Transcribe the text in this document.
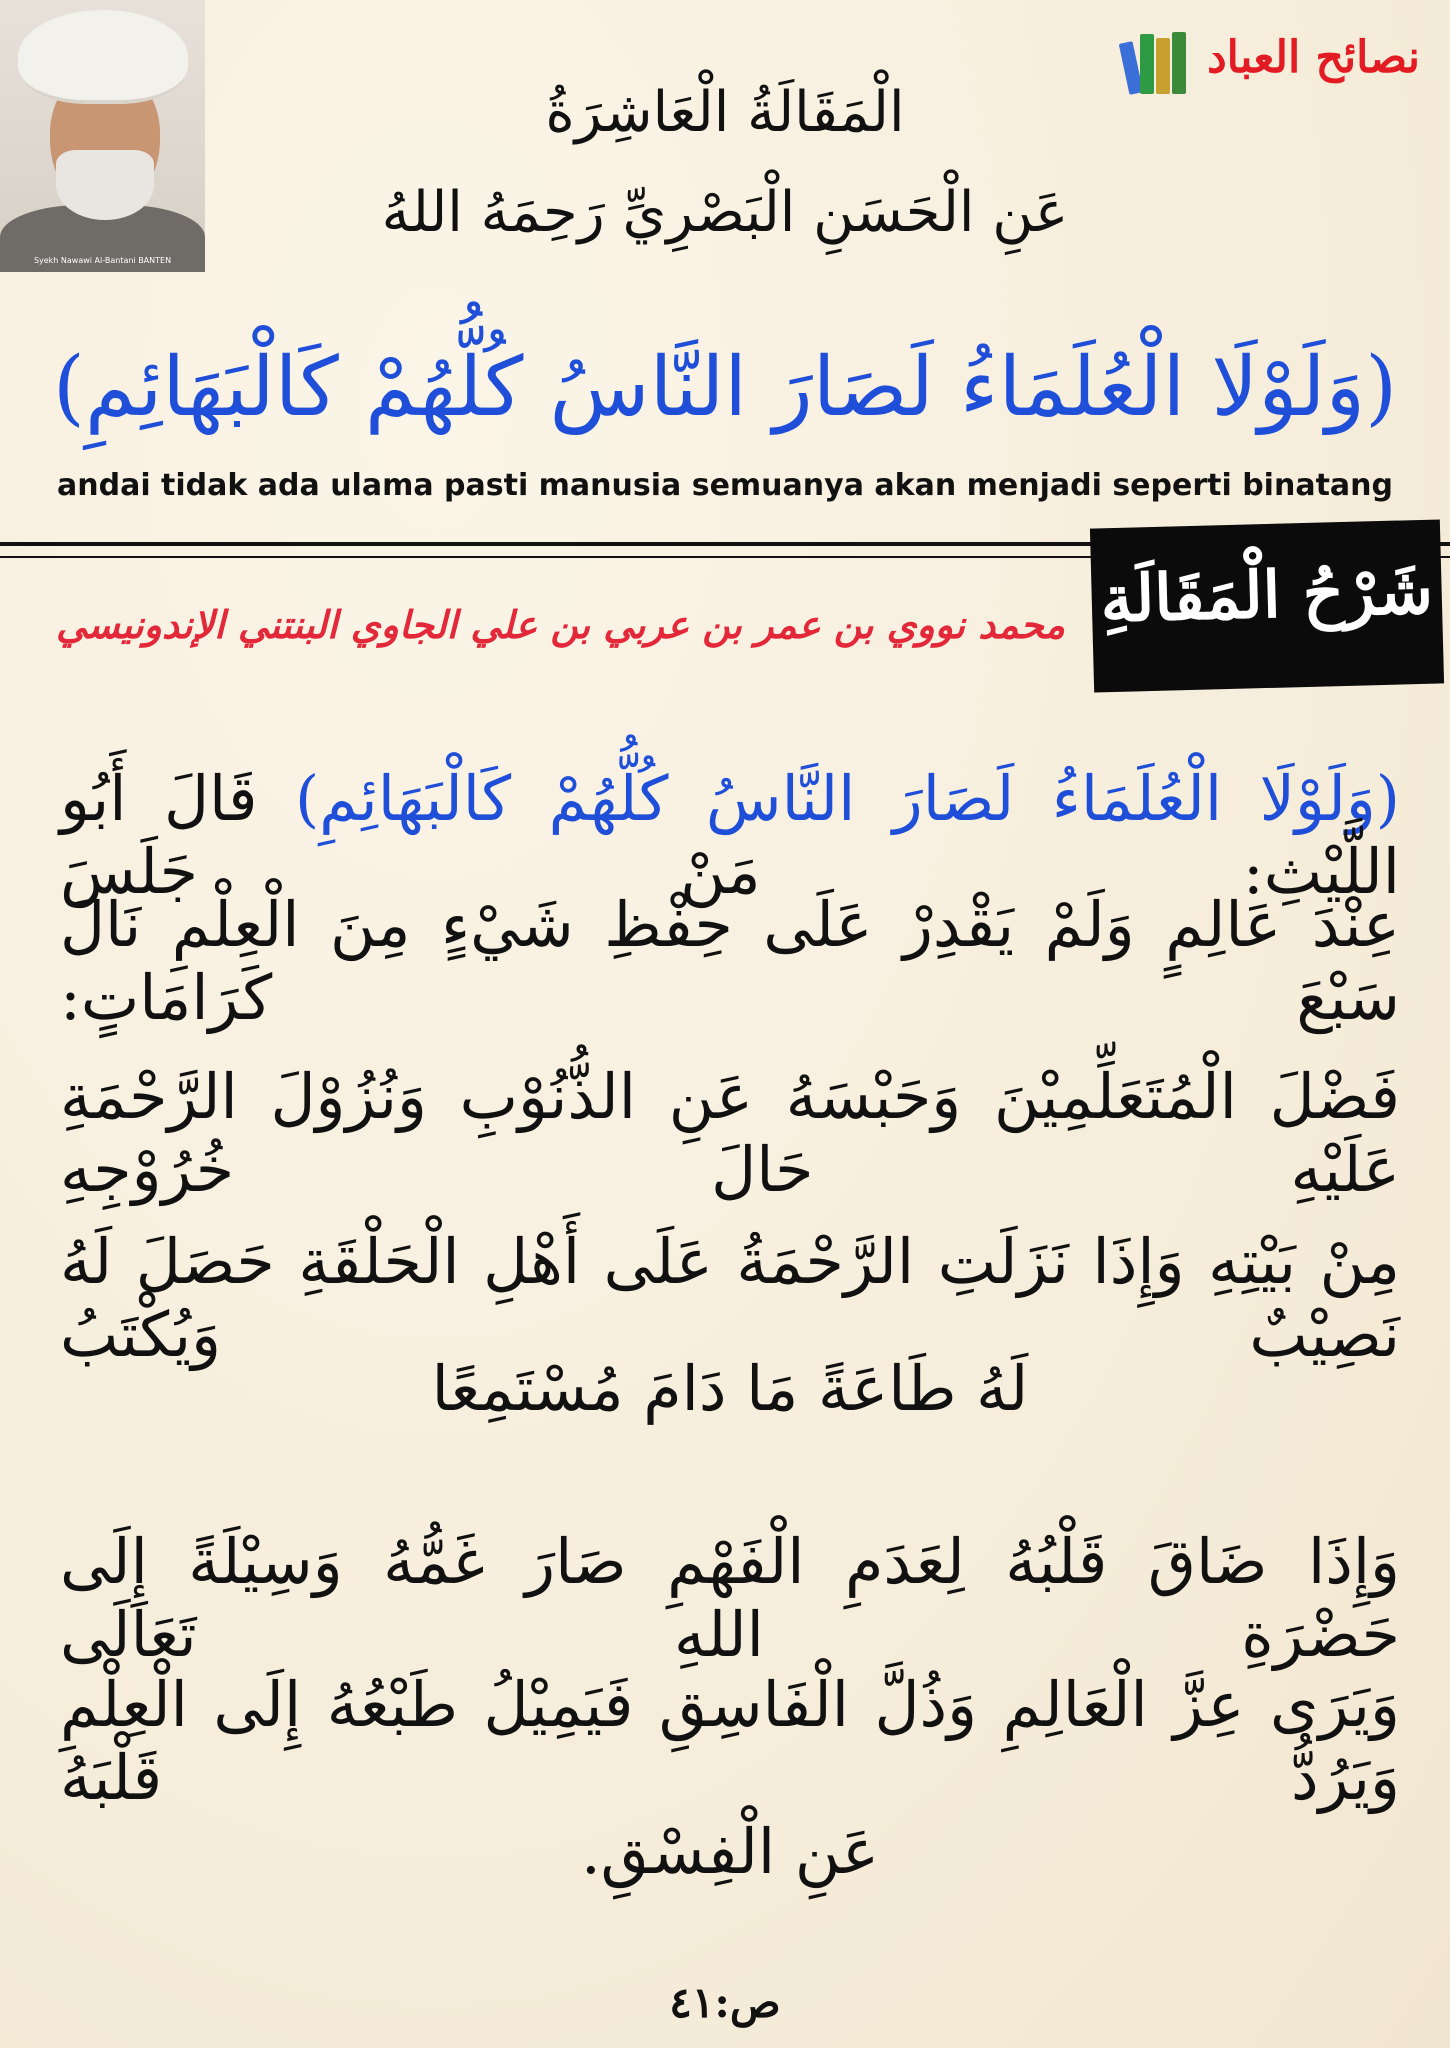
Syekh Nawawi Al-Bantani BANTEN
نصائح العباد
الْمَقَالَةُ الْعَاشِرَةُ
عَنِ الْحَسَنِ الْبَصْرِيِّ رَحِمَهُ اللهُ
(وَلَوْلَا الْعُلَمَاءُ لَصَارَ النَّاسُ كُلُّهُمْ كَالْبَهَائِمِ)
andai tidak ada ulama pasti manusia semuanya akan menjadi seperti binatang
شَرْحُ الْمَقَالَةِ
محمد نووي بن عمر بن عربي بن علي الجاوي البنتني الإندونيسي
(وَلَوْلَا الْعُلَمَاءُ لَصَارَ النَّاسُ كُلُّهُمْ كَالْبَهَائِمِ) قَالَ أَبُو اللَّيْثِ: مَنْ جَلَسَ
عِنْدَ عَالِمٍ وَلَمْ يَقْدِرْ عَلَى حِفْظِ شَيْءٍ مِنَ الْعِلْمِ نَالَ سَبْعَ كَرَامَاتٍ:
فَضْلَ الْمُتَعَلِّمِيْنَ وَحَبْسَهُ عَنِ الذُّنُوْبِ وَنُزُوْلَ الرَّحْمَةِ عَلَيْهِ حَالَ خُرُوْجِهِ
مِنْ بَيْتِهِ وَإِذَا نَزَلَتِ الرَّحْمَةُ عَلَى أَهْلِ الْحَلْقَةِ حَصَلَ لَهُ نَصِيْبٌ وَيُكْتَبُ
لَهُ طَاعَةً مَا دَامَ مُسْتَمِعًا
وَإِذَا ضَاقَ قَلْبُهُ لِعَدَمِ الْفَهْمِ صَارَ غَمُّهُ وَسِيْلَةً إِلَى حَضْرَةِ اللهِ تَعَالَى
وَيَرَى عِزَّ الْعَالِمِ وَذُلَّ الْفَاسِقِ فَيَمِيْلُ طَبْعُهُ إِلَى الْعِلْمِ وَيَرُدُّ قَلْبَهُ
عَنِ الْفِسْقِ.
ص:٤١
